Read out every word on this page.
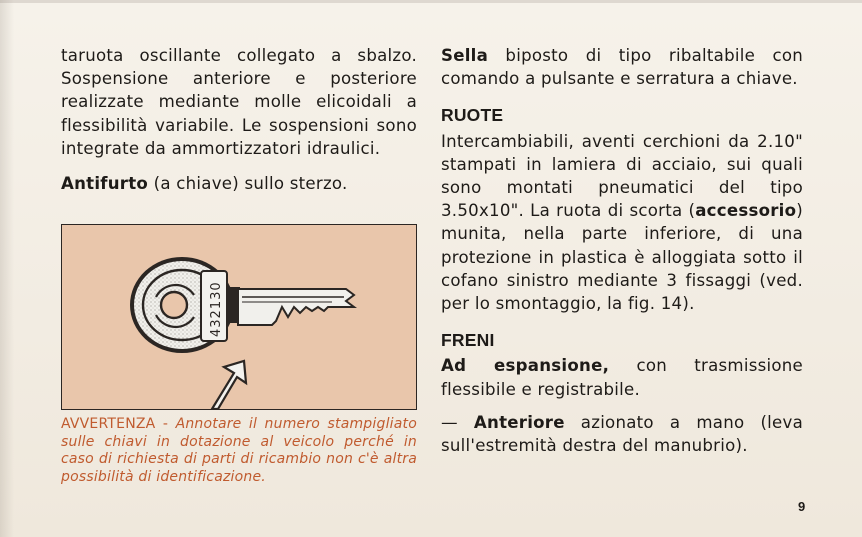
taruota oscillante collegato a sbalzo. Sospensione anteriore e posteriore realizzate mediante molle elicoidali a flessibilità variabile. Le sospensioni sono integrate da ammortizzatori idraulici.

Antifurto (a chiave) sullo sterzo.

432130
AVVERTENZA - Annotare il numero stampigliato sulle chiavi in dotazione al veicolo perché in caso di richiesta di parti di ricambio non c'è altra possibilità di identificazione.

Sella biposto di tipo ribaltabile con comando a pulsante e serratura a chiave.

RUOTE

Intercambiabili, aventi cerchioni da 2.10" stampati in lamiera di acciaio, sui quali sono montati pneumatici del tipo 3.50x10". La ruota di scorta (accessorio) munita, nella parte inferiore, di una protezione in plastica è alloggiata sotto il cofano sinistro mediante 3 fissaggi (ved. per lo smontaggio, la fig. 14).

FRENI

Ad espansione, con trasmissione flessibile e registrabile.

— Anteriore azionato a mano (leva sull'estremità destra del manubrio).

9
